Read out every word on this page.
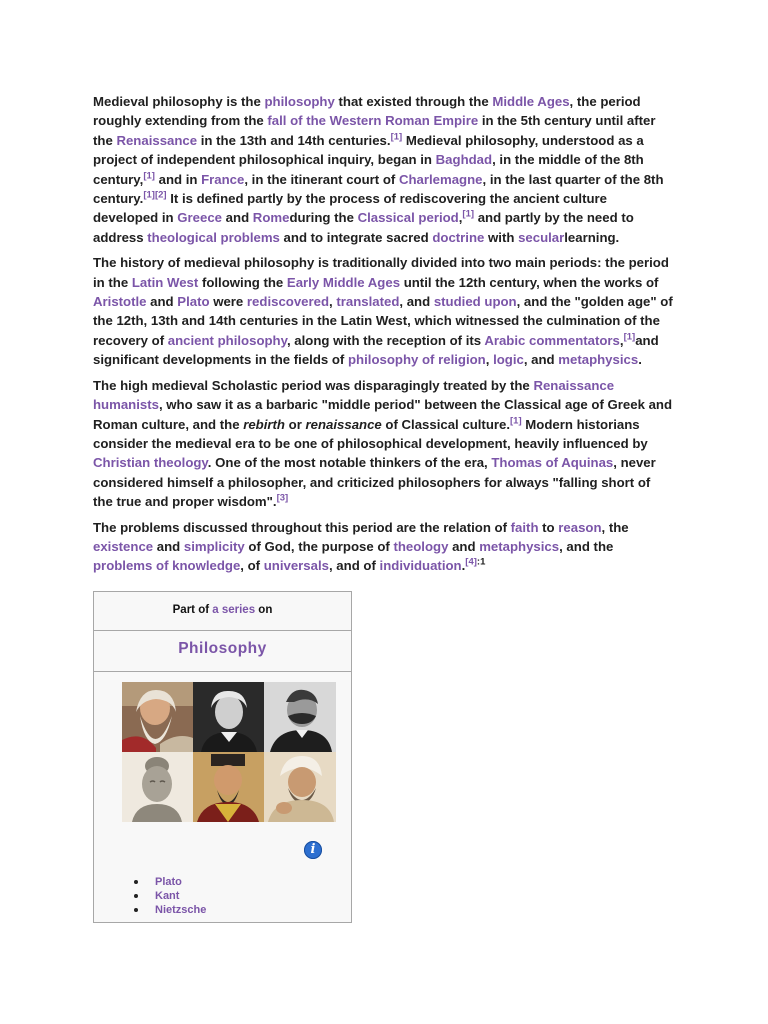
Medieval philosophy is the philosophy that existed through the Middle Ages, the period roughly extending from the fall of the Western Roman Empire in the 5th century until after the Renaissance in the 13th and 14th centuries.[1] Medieval philosophy, understood as a project of independent philosophical inquiry, began in Baghdad, in the middle of the 8th century,[1] and in France, in the itinerant court of Charlemagne, in the last quarter of the 8th century.[1][2] It is defined partly by the process of rediscovering the ancient culture developed in Greece and Romeduring the Classical period,[1] and partly by the need to address theological problems and to integrate sacred doctrine with secularlearning.

The history of medieval philosophy is traditionally divided into two main periods: the period in the Latin West following the Early Middle Ages until the 12th century, when the works of Aristotle and Plato were rediscovered, translated, and studied upon, and the "golden age" of the 12th, 13th and 14th centuries in the Latin West, which witnessed the culmination of the recovery of ancient philosophy, along with the reception of its Arabic commentators,[1]and significant developments in the fields of philosophy of religion, logic, and metaphysics.

The high medieval Scholastic period was disparagingly treated by the Renaissance humanists, who saw it as a barbaric "middle period" between the Classical age of Greek and Roman culture, and the rebirth or renaissance of Classical culture.[1] Modern historians consider the medieval era to be one of philosophical development, heavily influenced by Christian theology. One of the most notable thinkers of the era, Thomas of Aquinas, never considered himself a philosopher, and criticized philosophers for always "falling short of the true and proper wisdom".[3]

The problems discussed throughout this period are the relation of faith to reason, the existence and simplicity of God, the purpose of theology and metaphysics, and the problems of knowledge, of universals, and of individuation.$^{[4]:1}$

Part of a series on
Philosophy
i
Plato
Kant
Nietzsche
